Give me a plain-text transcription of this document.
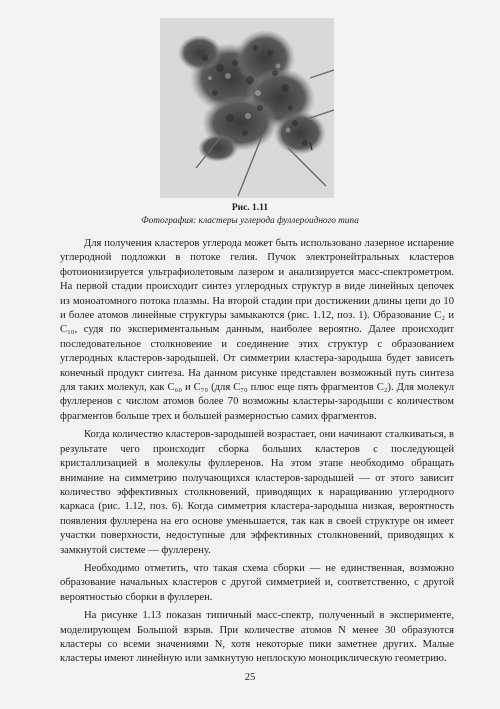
Рис. 1.11
Фотография: кластеры углерода фуллероидного типа

Для получения кластеров углерода может быть использовано лазерное испарение углеродной подложки в потоке гелия. Пучок электронейтральных кластеров фотоионизируется ультрафиолетовым лазером и анализируется масс-спектрометром. На первой стадии происходит синтез углеродных структур в виде линейных цепочек из моноатомного потока плазмы. На второй стадии при достижении длины цепи до 10 и более атомов линейные структуры замыкаются (рис. 1.12, поз. 1). Образование C₂ и C₁₀, судя по экспериментальным данным, наиболее вероятно. Далее происходит последовательное столкновение и соединение этих структур с образованием углеродных кластеров-зародышей. От симметрии кластера-зародыша будет зависеть конечный продукт синтеза. На данном рисунке представлен возможный путь синтеза для таких молекул, как C₆₀ и C₇₀ (для C₇₀ плюс еще пять фрагментов C₂). Для молекул фуллеренов с числом атомов более 70 возможны кластеры-зародыши с количеством фрагментов больше трех и большей размерностью самих фрагментов.

Когда количество кластеров-зародышей возрастает, они начинают сталкиваться, в результате чего происходит сборка больших кластеров с последующей кристаллизацией в молекулы фуллеренов. На этом этапе необходимо обращать внимание на симметрию получающихся кластеров-зародышей — от этого зависит количество эффективных столкновений, приводящих к наращиванию углеродного каркаса (рис. 1.12, поз. 6). Когда симметрия кластера-зародыша низкая, вероятность появления фуллерена на его основе уменьшается, так как в своей структуре он имеет участки поверхности, недоступные для эффективных столкновений, приводящих к замкнутой системе — фуллерену.

Необходимо отметить, что такая схема сборки — не единственная, возможно образование начальных кластеров с другой симметрией и, соответственно, с другой вероятностью сборки в фуллерен.

На рисунке 1.13 показан типичный масс-спектр, полученный в эксперименте, моделирующем Большой взрыв. При количестве атомов N менее 30 образуются кластеры со всеми значениями N, хотя некоторые пики заметнее других. Малые кластеры имеют линейную или замкнутую неплоскую моноциклическую геометрию.

25
